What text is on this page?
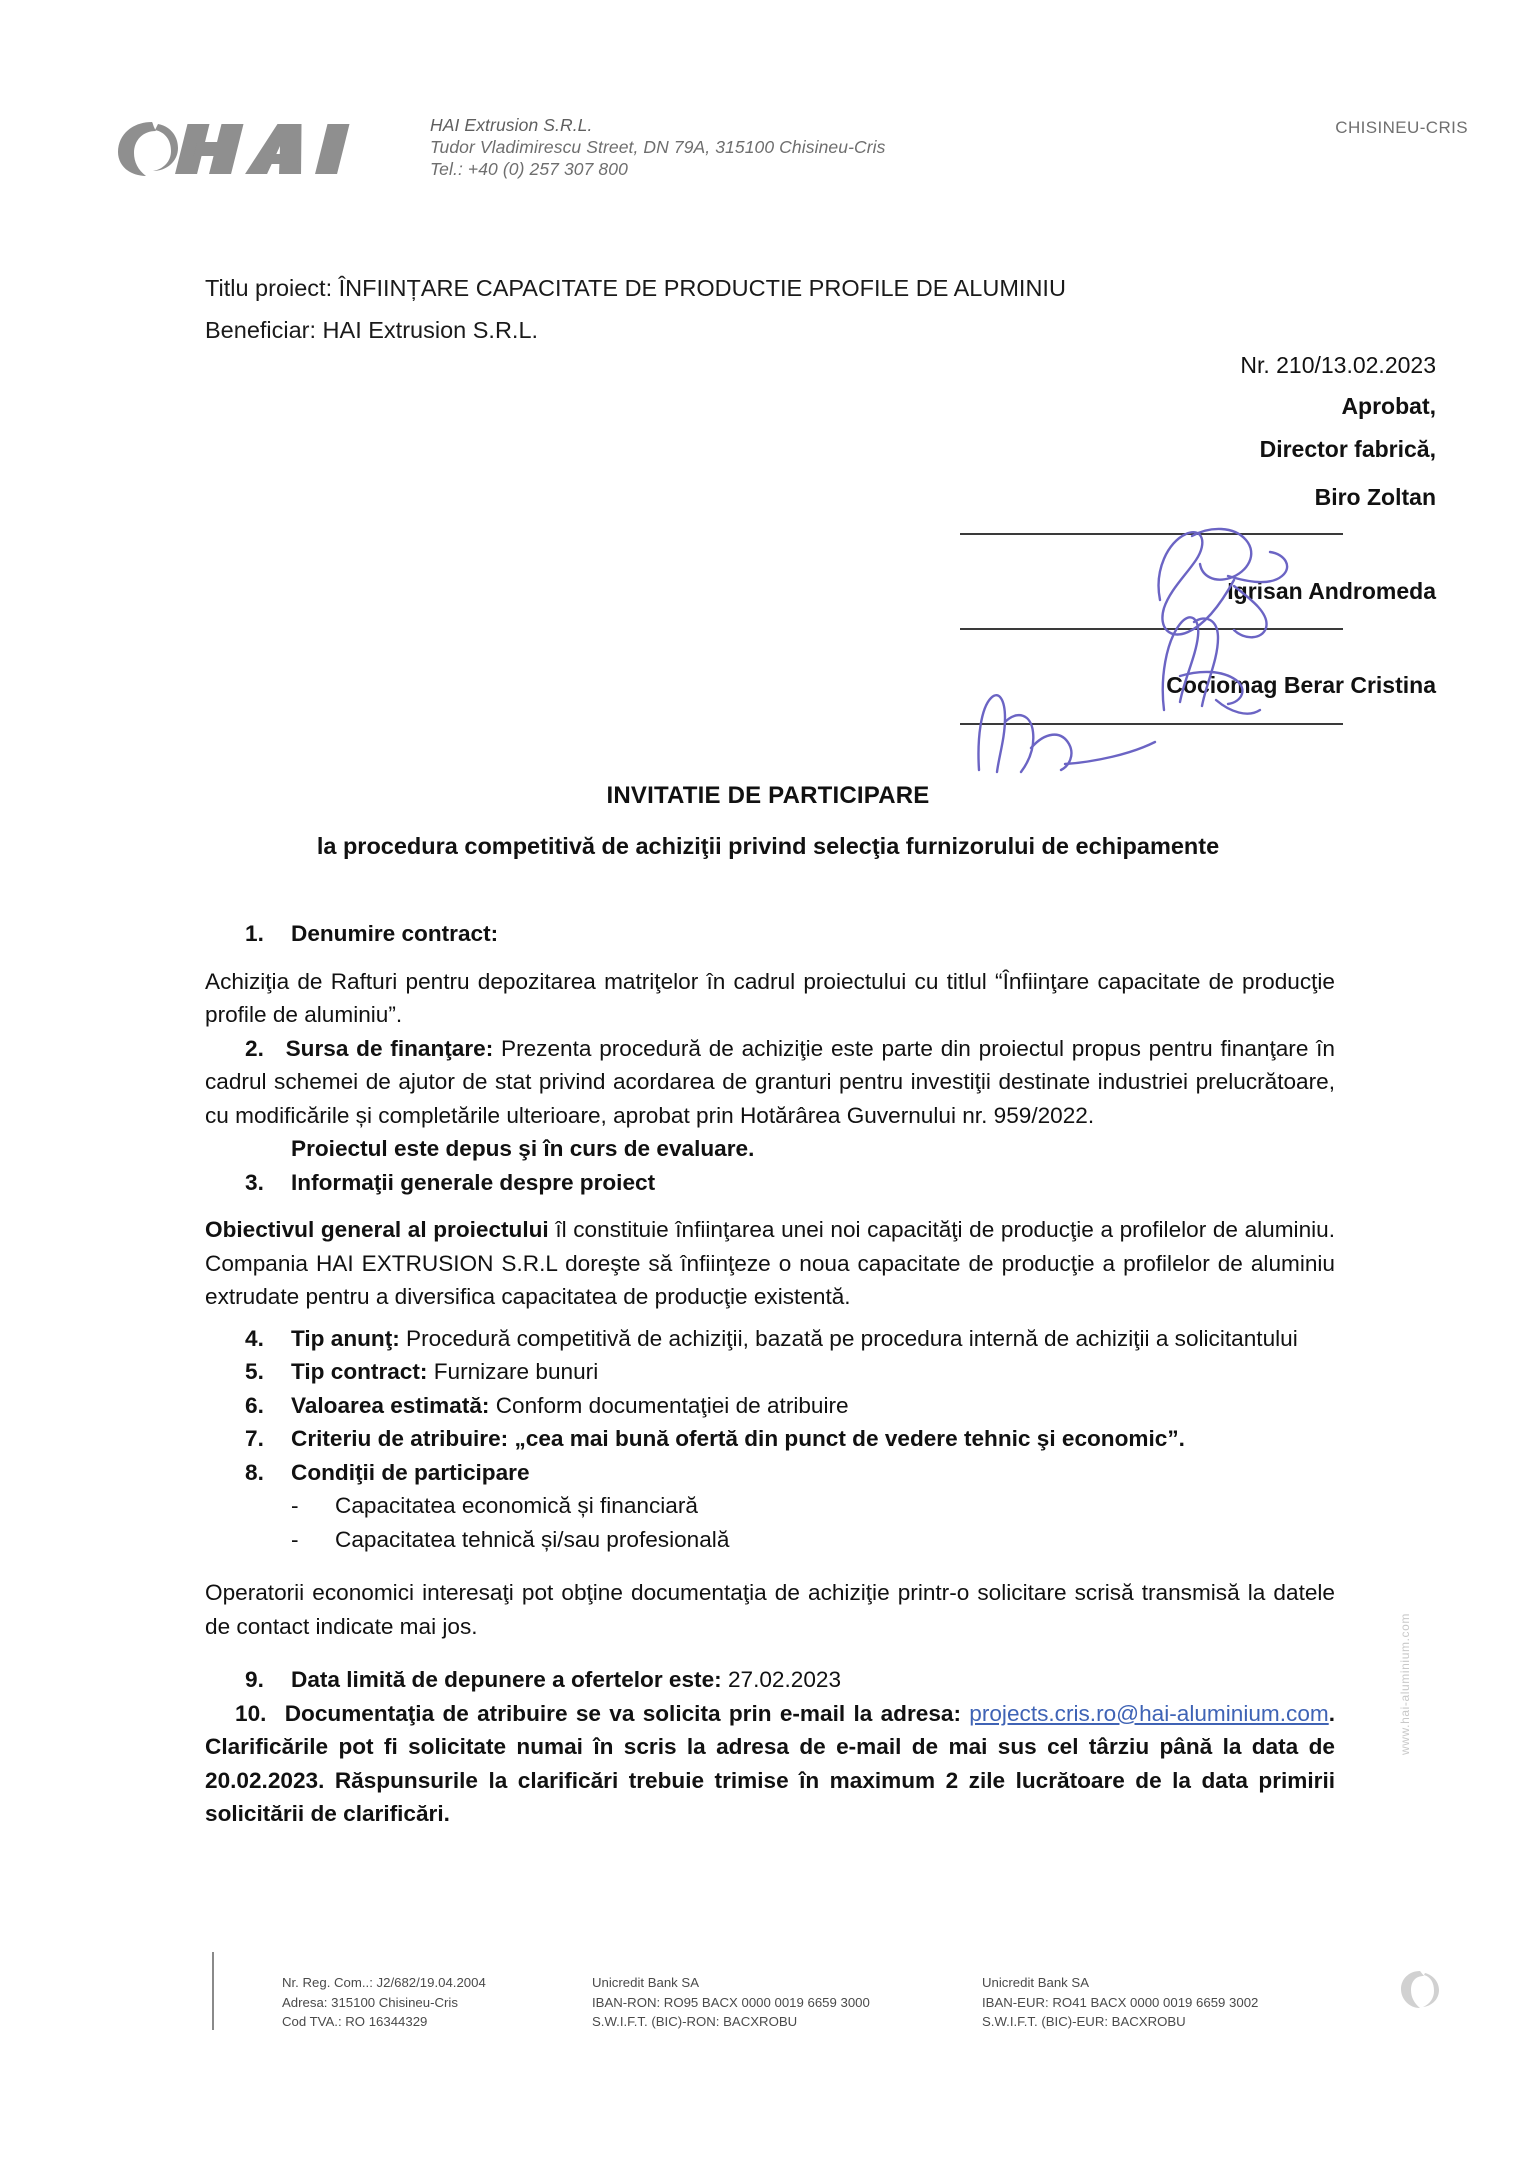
HAI Extrusion S.R.L.
Tudor Vladimirescu Street, DN 79A, 315100 Chisineu-Cris
Tel.: +40 (0) 257 307 800
CHISINEU-CRIS
Titlu proiect: ÎNFIINȚARE CAPACITATE DE PRODUCTIE PROFILE DE ALUMINIU
Beneficiar: HAI Extrusion S.R.L.
Nr. 210/13.02.2023
Aprobat,
Director fabrică,
Biro Zoltan
Igrisan Andromeda
Cociomag Berar Cristina
INVITATIE DE PARTICIPARE
la procedura competitivă de achiziţii privind selecţia furnizorului de echipamente
1.	Denumire contract:

Achiziţia de Rafturi pentru depozitarea matriţelor în cadrul proiectului cu titlul “Înfiinţare capacitate de producţie profile de aluminiu”.

2. Sursa de finanţare: Prezenta procedură de achiziţie este parte din proiectul propus pentru finanţare în cadrul schemei de ajutor de stat privind acordarea de granturi pentru investiţii destinate industriei prelucrătoare, cu modificările și completările ulterioare, aprobat prin Hotărârea Guvernului nr. 959/2022.

Proiectul este depus şi în curs de evaluare.
3.	Informaţii generale despre proiect

Obiectivul general al proiectului îl constituie înfiinţarea unei noi capacităţi de producţie a profilelor de aluminiu. Compania HAI EXTRUSION S.R.L doreşte să înfiinţeze o noua capacitate de producţie a profilelor de aluminiu extrudate pentru a diversifica capacitatea de producţie existentă.

4.	Tip anunţ: Procedură competitivă de achiziţii, bazată pe procedura internă de achiziţii a solicitantului
5.	Tip contract: Furnizare bunuri
6.	Valoarea estimată: Conform documentaţiei de atribuire
7.	Criteriu de atribuire: „cea mai bună ofertă din punct de vedere tehnic şi economic”.
8.	Condiţii de participare
-	Capacitatea economică și financiară
-	Capacitatea tehnică și/sau profesională

Operatorii economici interesaţi pot obţine documentaţia de achiziţie printr-o solicitare scrisă transmisă la datele de contact indicate mai jos.

9.	Data limită de depunere a ofertelor este: 27.02.2023

10. Documentaţia de atribuire se va solicita prin e-mail la adresa: projects.cris.ro@hai-aluminium.com. Clarificările pot fi solicitate numai în scris la adresa de e-mail de mai sus cel târziu până la data de 20.02.2023. Răspunsurile la clarificări trebuie trimise în maximum 2 zile lucrătoare de la data primirii solicitării de clarificări.

www.hai-aluminium.com
Nr. Reg. Com..: J2/682/19.04.2004
Adresa: 315100 Chisineu-Cris
Cod TVA.: RO 16344329
Unicredit Bank SA
IBAN-RON: RO95 BACX 0000 0019 6659 3000
S.W.I.F.T. (BIC)-RON: BACXROBU
Unicredit Bank SA
IBAN-EUR: RO41 BACX 0000 0019 6659 3002
S.W.I.F.T. (BIC)-EUR: BACXROBU
